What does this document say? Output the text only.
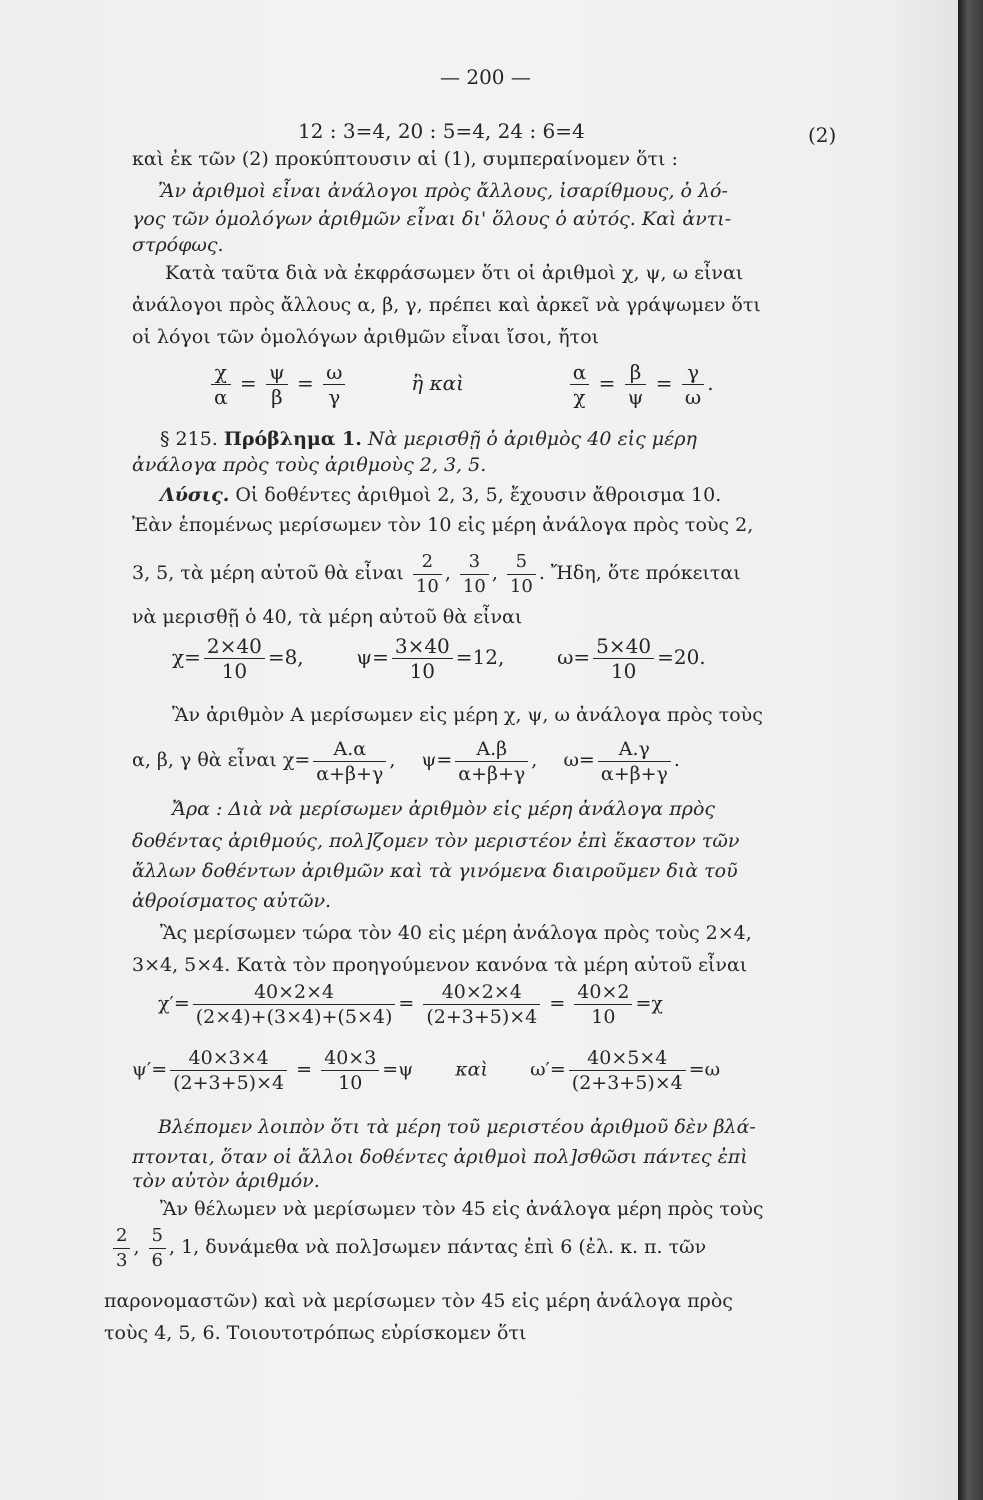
— 200 —
12 : 3=4, 20 : 5=4, 24 : 6=4	(2)
καὶ ἐκ τῶν (2) προκύπτουσιν αἱ (1), συμπεραίνομεν ὅτι :
Ἂν ἀριθμοὶ εἶναι ἀνάλογοι πρὸς ἄλλους, ἰσαρίθμους, ὁ λό-
γος τῶν ὁμολόγων ἀριθμῶν εἶναι δι' ὅλους ὁ αὐτός. Καὶ ἀντι-
στρόφως.
Κατὰ ταῦτα διὰ νὰ ἐκφράσωμεν ὅτι οἱ ἀριθμοὶ χ, ψ, ω εἶναι
ἀνάλογοι πρὸς ἄλλους α, β, γ, πρέπει καὶ ἀρκεῖ νὰ γράψωμεν ὅτι
οἱ λόγοι τῶν ὁμολόγων ἀριθμῶν εἶναι ἴσοι, ἤτοι
$\frac{\chi}{\alpha} = \frac{\psi}{\beta} = \frac{\omega}{\gamma}$	ἢ καὶ	$\frac{\alpha}{\chi} = \frac{\beta}{\psi} = \frac{\gamma}{\omega}$ .
§ 215. Πρόβλημα 1. Νὰ μερισθῇ ὁ ἀριθμὸς 40 εἰς μέρη
ἀνάλογα πρὸς τοὺς ἀριθμοὺς 2, 3, 5.
Λύσις. Οἱ δοθέντες ἀριθμοὶ 2, 3, 5, ἔχουσιν ἄθροισμα 10.
Ἐὰν ἑπομένως μερίσωμεν τὸν 10 εἰς μέρη ἀνάλογα πρὸς τοὺς 2,
3, 5, τὰ μέρη αὐτοῦ θὰ εἶναι $\frac{2}{10}$ , $\frac{3}{10}$ , $\frac{5}{10}$ . Ἤδη, ὅτε πρόκειται
νὰ μερισθῇ ὁ 40, τὰ μέρη αὐτοῦ θὰ εἶναι
$\chi= \frac{2\times 40}{10} =8$,	$\psi= \frac{3\times 40}{10} =12$,	$\omega= \frac{5\times 40}{10} =20$.
Ἂν ἀριθμὸν Α μερίσωμεν εἰς μέρη χ, ψ, ω ἀνάλογα πρὸς τοὺς
α, β, γ θὰ εἶναι $\chi= \frac{A.\alpha}{\alpha+\beta+\gamma}$ , $\psi= \frac{A.\beta}{\alpha+\beta+\gamma}$ , $\omega= \frac{A.\gamma}{\alpha+\beta+\gamma}$ .
Ἄρα : Διὰ νὰ μερίσωμεν ἀριθμὸν εἰς μέρη ἀνάλογα πρὸς
δοθέντας ἀριθμούς, πολ]ζομεν τὸν μεριστέον ἐπὶ ἕκαστον τῶν
ἄλλων δοθέντων ἀριθμῶν καὶ τὰ γινόμενα διαιροῦμεν διὰ τοῦ
ἀθροίσματος αὐτῶν.
Ἂς μερίσωμεν τώρα τὸν 40 εἰς μέρη ἀνάλογα πρὸς τοὺς 2×4,
3×4, 5×4. Κατὰ τὸν προηγούμενον κανόνα τὰ μέρη αὐτοῦ εἶναι
$\chi'= \frac{40\times 2\times 4}{(2\times 4)+(3\times 4)+(5\times 4)} = \frac{40\times 2\times 4}{(2+3+5)\times 4} = \frac{40\times 2}{10} =\chi$
$\psi'= \frac{40\times 3\times 4}{(2+3+5)\times 4} = \frac{40\times 3}{10} =\psi$ καὶ $\omega'= \frac{40\times 5\times 4}{(2+3+5)\times 4} =\omega$
Βλέπομεν λοιπὸν ὅτι τὰ μέρη τοῦ μεριστέου ἀριθμοῦ δὲν βλά-
πτονται, ὅταν οἱ ἄλλοι δοθέντες ἀριθμοὶ πολ]σθῶσι πάντες ἐπὶ
τὸν αὐτὸν ἀριθμόν.
Ἂν θέλωμεν νὰ μερίσωμεν τὸν 45 εἰς ἀνάλογα μέρη πρὸς τοὺς
$\frac{2}{3}$ , $\frac{5}{6}$ , 1, δυνάμεθα νὰ πολ]σωμεν πάντας ἐπὶ 6 (ἐλ. κ. π. τῶν
παρονομαστῶν) καὶ νὰ μερίσωμεν τὸν 45 εἰς μέρη ἀνάλογα πρὸς
τοὺς 4, 5, 6. Τοιουτοτρόπως εὑρίσκομεν ὅτι
